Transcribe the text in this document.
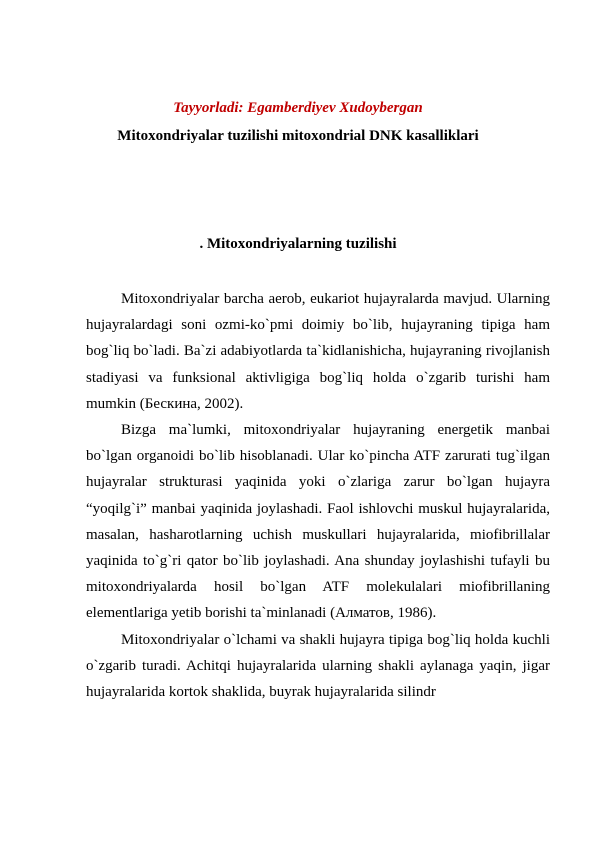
Tayyorladi: Egamberdiyev Xudoybergan

Mitoxondriyalar tuzilishi mitoxondrial DNK kasalliklari

. Mitoxondriyalarning tuzilishi

Mitoxondriyalar barcha aerob, eukariot hujayralarda mavjud. Ularning hujayralardagi soni ozmi-ko`pmi doimiy bo`lib, hujayraning tipiga ham bog`liq bo`ladi. Ba`zi adabiyotlarda ta`kidlanishicha, hujayraning rivojlanish stadiyasi va funksional aktivligiga bog`liq holda o`zgarib turishi ham mumkin (Бескина, 2002).

Bizga ma`lumki, mitoxondriyalar hujayraning energetik manbai bo`lgan organoidi bo`lib hisoblanadi. Ular ko`pincha ATF zarurati tug`ilgan hujayralar strukturasi yaqinida yoki o`zlariga zarur bo`lgan hujayra “yoqilg`i” manbai yaqinida joylashadi. Faol ishlovchi muskul hujayralarida, masalan, hasharotlarning uchish muskullari hujayralarida, miofibrillalar yaqinida to`g`ri qator bo`lib joylashadi. Ana shunday joylashishi tufayli bu mitoxondriyalarda hosil bo`lgan ATF molekulalari miofibrillaning elementlariga yetib borishi ta`minlanadi (Алматов, 1986).

Mitoxondriyalar o`lchami va shakli hujayra tipiga bog`liq holda kuchli o`zgarib turadi. Achitqi hujayralarida ularning shakli aylanaga yaqin, jigar hujayralarida kortok shaklida, buyrak hujayralarida silindr
